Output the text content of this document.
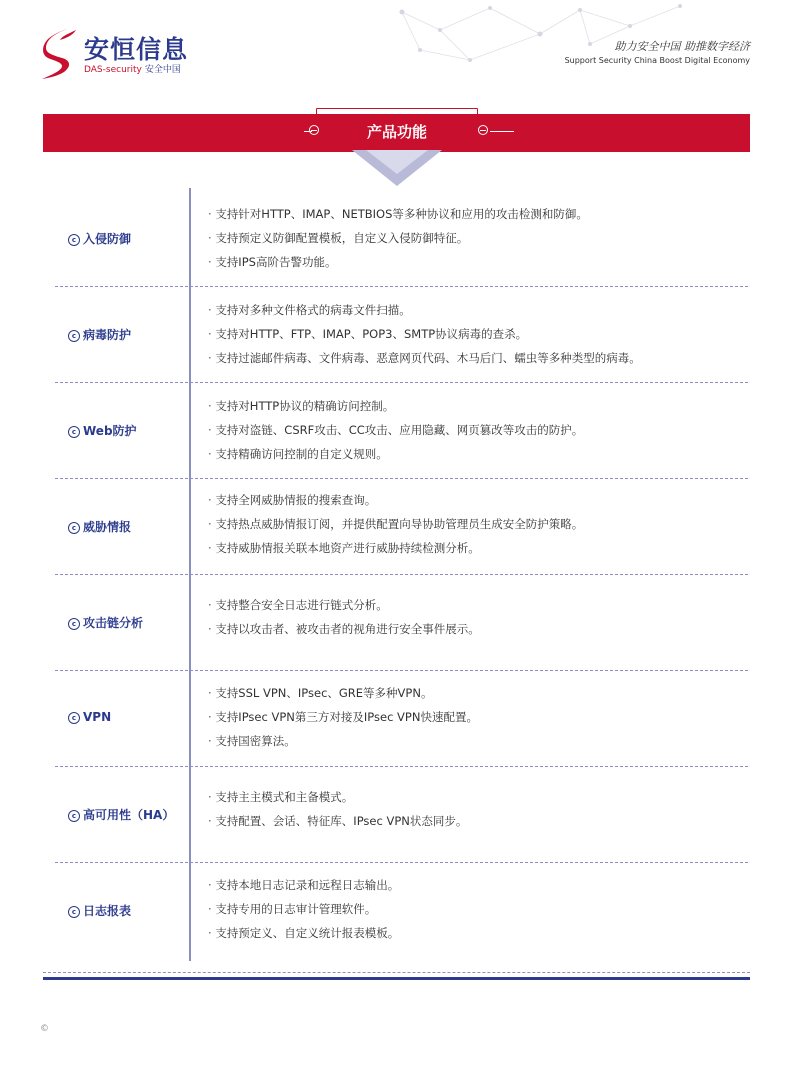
安恒信息
DAS-security 安全中国
助力安全中国 助推数字经济
Support Security China Boost Digital Economy
产品功能
c 入侵防御
· 支持针对HTTP、IMAP、NETBIOS等多种协议和应用的攻击检测和防御。
· 支持预定义防御配置模板，自定义入侵防御特征。
· 支持IPS高阶告警功能。
c 病毒防护
· 支持对多种文件格式的病毒文件扫描。
· 支持对HTTP、FTP、IMAP、POP3、SMTP协议病毒的查杀。
· 支持过滤邮件病毒、文件病毒、恶意网页代码、木马后门、蠕虫等多种类型的病毒。
c Web防护
· 支持对HTTP协议的精确访问控制。
· 支持对盗链、CSRF攻击、CC攻击、应用隐藏、网页篡改等攻击的防护。
· 支持精确访问控制的自定义规则。
c 威胁情报
· 支持全网威胁情报的搜索查询。
· 支持热点威胁情报订阅，并提供配置向导协助管理员生成安全防护策略。
· 支持威胁情报关联本地资产进行威胁持续检测分析。
c 攻击链分析
· 支持整合安全日志进行链式分析。
· 支持以攻击者、被攻击者的视角进行安全事件展示。
c VPN
· 支持SSL VPN、IPsec、GRE等多种VPN。
· 支持IPsec VPN第三方对接及IPsec VPN快速配置。
· 支持国密算法。
c 高可用性（HA）
· 支持主主模式和主备模式。
· 支持配置、会话、特征库、IPsec VPN状态同步。
c 日志报表
· 支持本地日志记录和远程日志输出。
· 支持专用的日志审计管理软件。
· 支持预定义、自定义统计报表模板。
©
